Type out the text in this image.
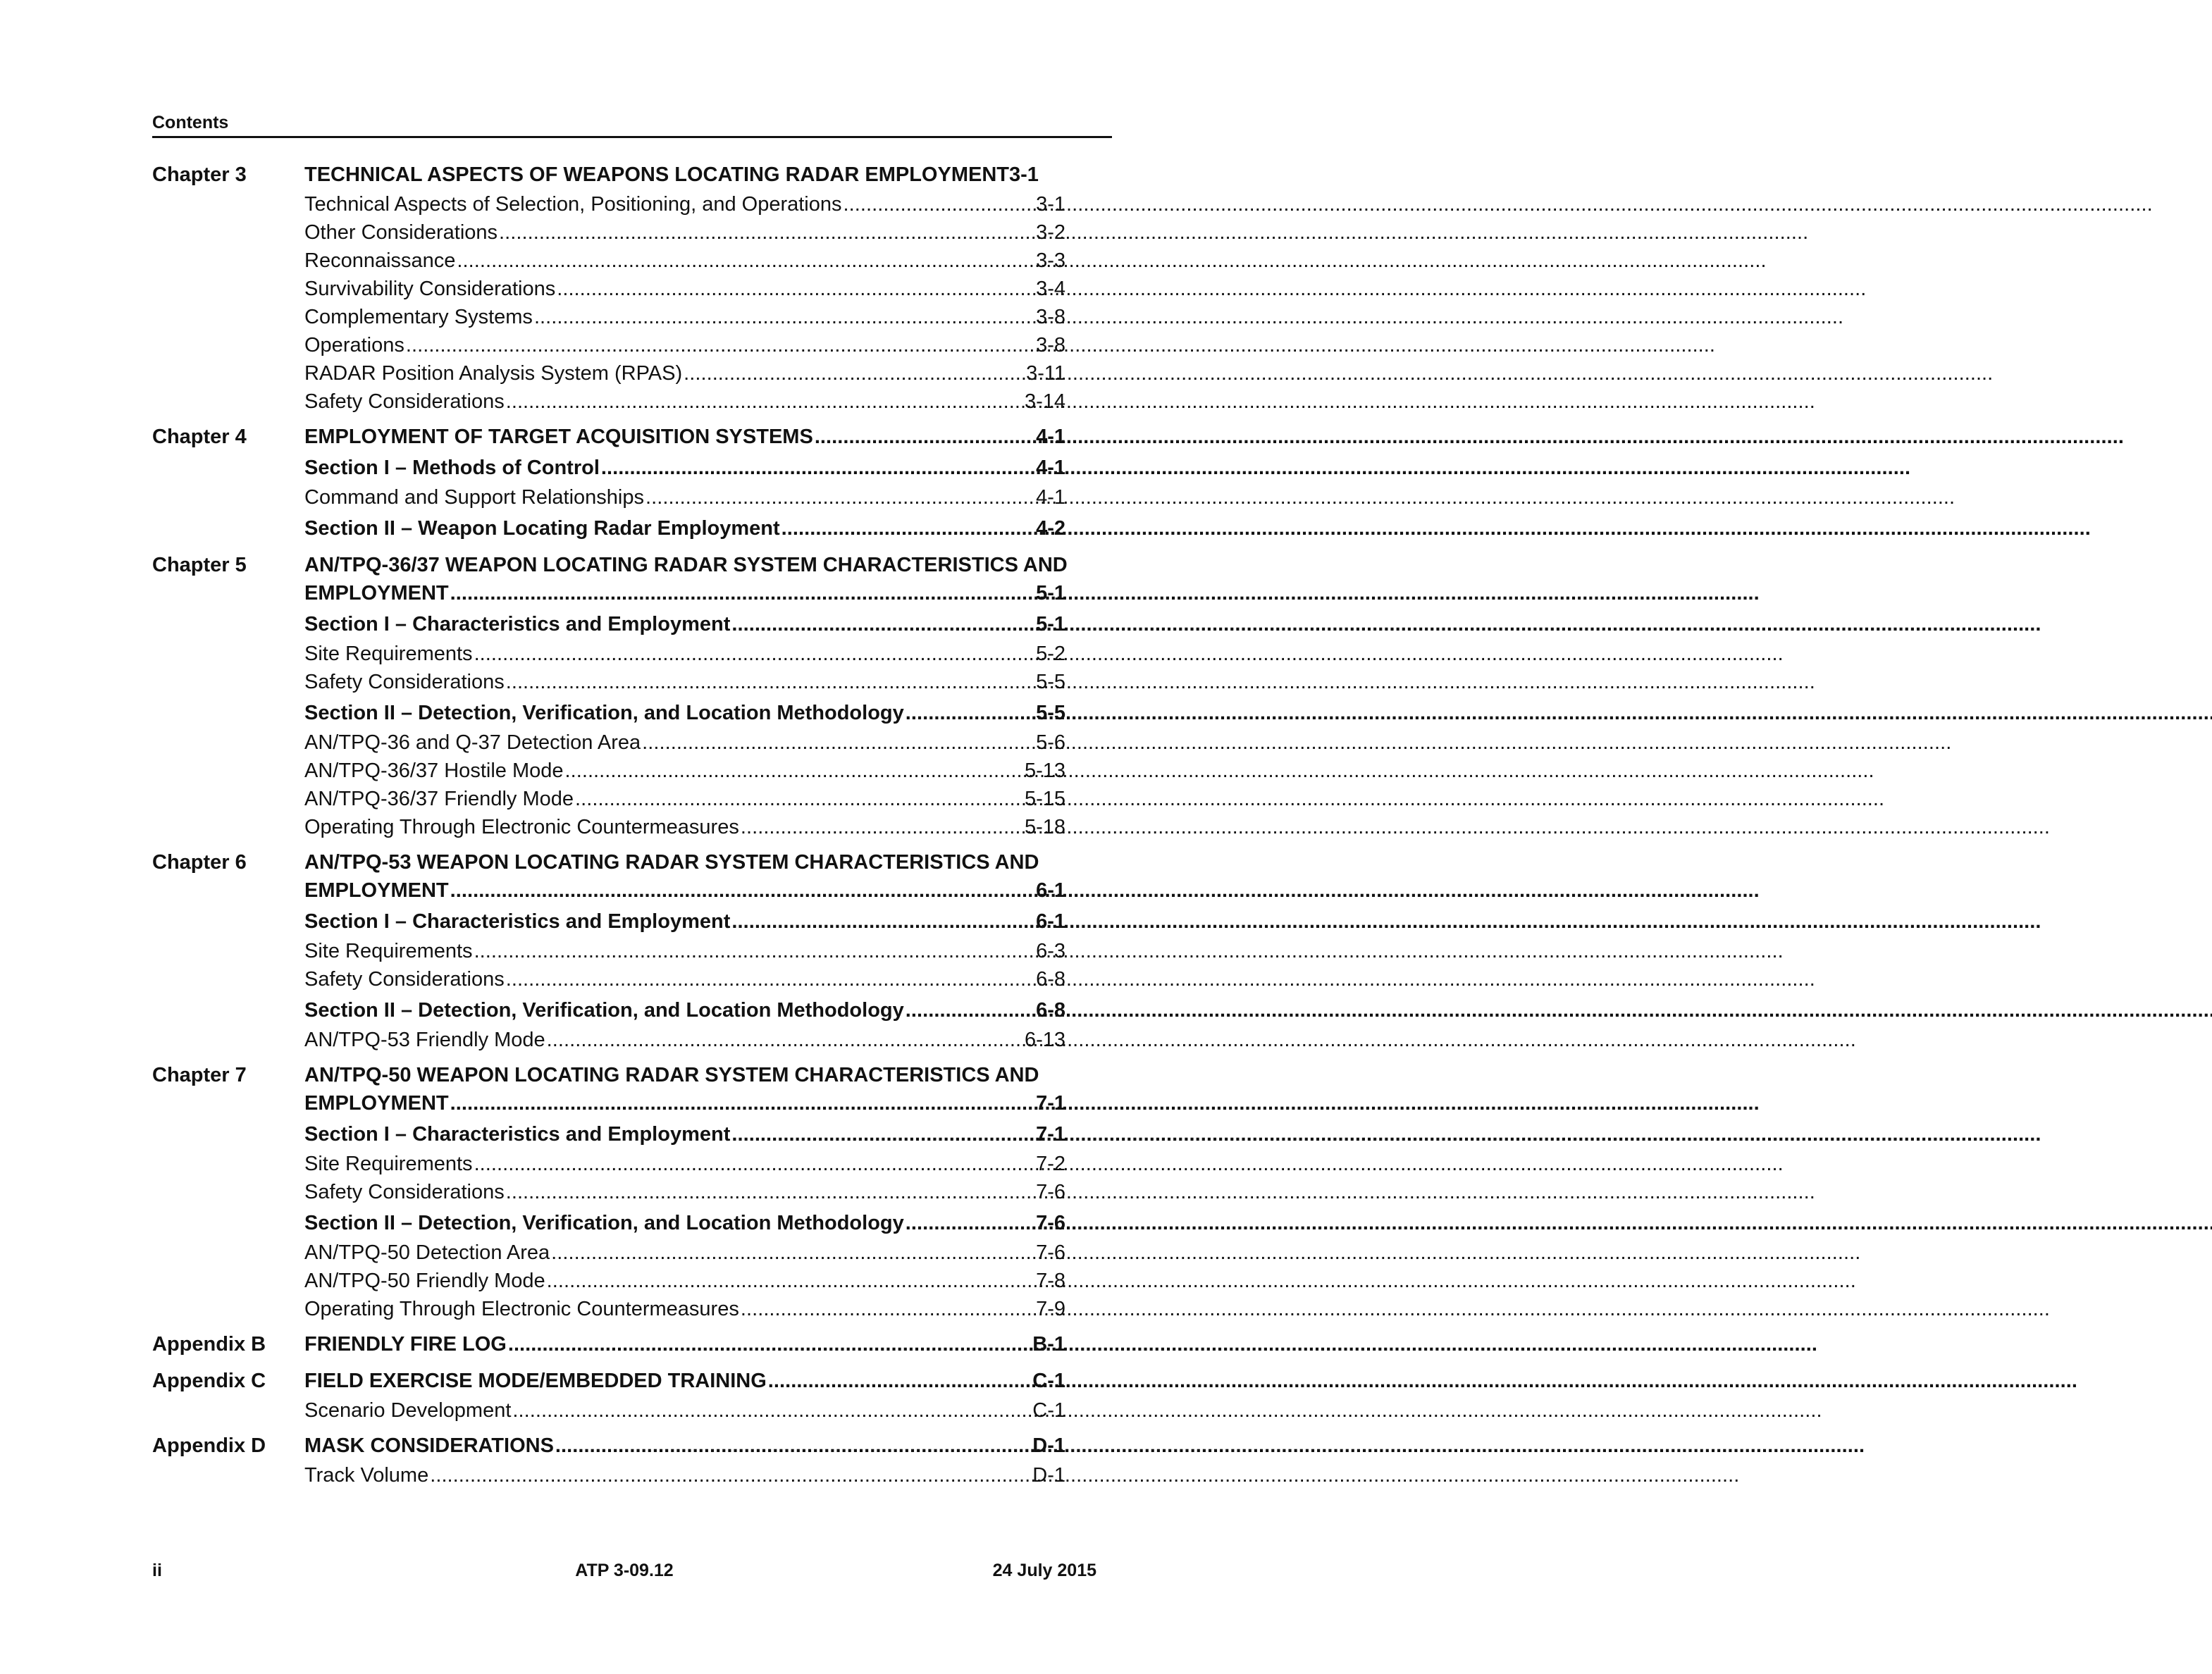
Contents
Chapter 3	TECHNICAL ASPECTS OF WEAPONS LOCATING RADAR EMPLOYMENT 3-1
Technical Aspects of Selection, Positioning, and Operations . . .	3-1
Other Considerations . . .	3-2
Reconnaissance . . .	3-3
Survivability Considerations . . .	3-4
Complementary Systems . . .	3-8
Operations . . .	3-8
RADAR Position Analysis System (RPAS) . . .	3-11
Safety Considerations . . .	3-14
Chapter 4	EMPLOYMENT OF TARGET ACQUISITION SYSTEMS . . .	4-1
Section I – Methods of Control . . .	4-1
Command and Support Relationships . . .	4-1
Section II – Weapon Locating Radar Employment . . .	4-2
Chapter 5	AN/TPQ-36/37 WEAPON LOCATING RADAR SYSTEM CHARACTERISTICS AND
EMPLOYMENT . . .	5-1
Section I – Characteristics and Employment . . .	5-1
Site Requirements . . .	5-2
Safety Considerations . . .	5-5
Section II – Detection, Verification, and Location Methodology . . .	5-5
AN/TPQ-36 and Q-37 Detection Area . . .	5-6
AN/TPQ-36/37 Hostile Mode . . .	5-13
AN/TPQ-36/37 Friendly Mode . . .	5-15
Operating Through Electronic Countermeasures . . .	5-18
Chapter 6	AN/TPQ-53 WEAPON LOCATING RADAR SYSTEM CHARACTERISTICS AND
EMPLOYMENT . . .	6-1
Section I – Characteristics and Employment . . .	6-1
Site Requirements . . .	6-3
Safety Considerations . . .	6-8
Section II – Detection, Verification, and Location Methodology . . .	6-8
AN/TPQ-53 Friendly Mode . . .	6-13
Chapter 7	AN/TPQ-50 WEAPON LOCATING RADAR SYSTEM CHARACTERISTICS AND
EMPLOYMENT . . .	7-1
Section I – Characteristics and Employment . . .	7-1
Site Requirements . . .	7-2
Safety Considerations . . .	7-6
Section II – Detection, Verification, and Location Methodology . . .	7-6
AN/TPQ-50 Detection Area . . .	7-6
AN/TPQ-50 Friendly Mode . . .	7-8
Operating Through Electronic Countermeasures . . .	7-9
Appendix B	FRIENDLY FIRE LOG . . .	B-1
Appendix C	FIELD EXERCISE MODE/EMBEDDED TRAINING . . .	C-1
Scenario Development . . .	C-1
Appendix D	MASK CONSIDERATIONS . . .	D-1
Track Volume . . .	D-1
ii	ATP 3-09.12	24 July 2015
